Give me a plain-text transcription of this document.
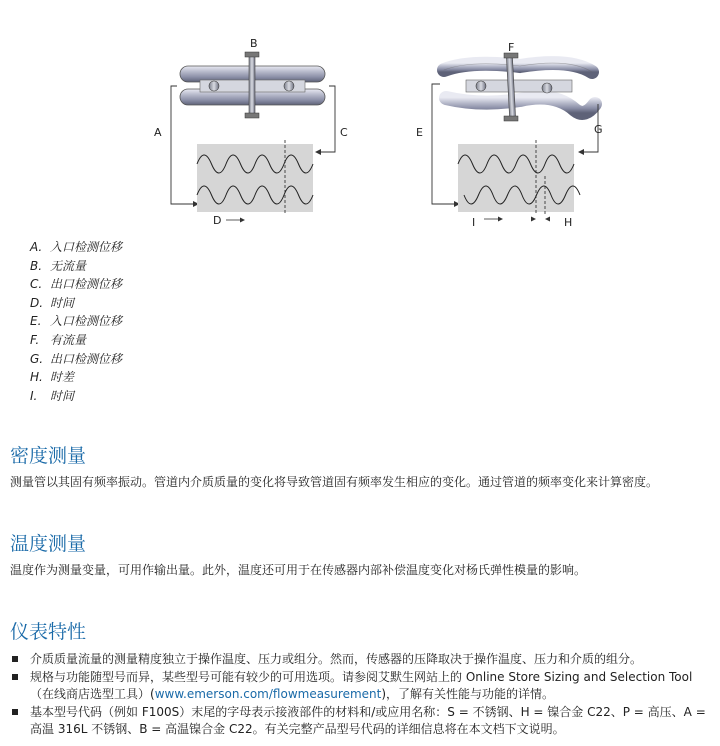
B
A	C
D
F
E	G
I	H
A. 入口检测位移
B. 无流量
C. 出口检测位移
D. 时间
E. 入口检测位移
F. 有流量
G. 出口检测位移
H. 时差
I. 时间
密度测量

测量管以其固有频率振动。管道内介质质量的变化将导致管道固有频率发生相应的变化。通过管道的频率变化来计算密度。

温度测量

温度作为测量变量，可用作输出量。此外，温度还可用于在传感器内部补偿温度变化对杨氏弹性模量的影响。

仪表特性
介质质量流量的测量精度独立于操作温度、压力或组分。然而，传感器的压降取决于操作温度、压力和介质的组分。
规格与功能随型号而异，某些型号可能有较少的可用选项。请参阅艾默生网站上的 Online Store Sizing and Selection Tool（在线商店选型工具）(www.emerson.com/flowmeasurement)，了解有关性能与功能的详情。
基本型号代码（例如 F100S）末尾的字母表示接液部件的材料和/或应用名称：S = 不锈钢、H = 镍合金 C22、P = 高压、A = 高温 316L 不锈钢、B = 高温镍合金 C22。有关完整产品型号代码的详细信息将在本文档下文说明。
